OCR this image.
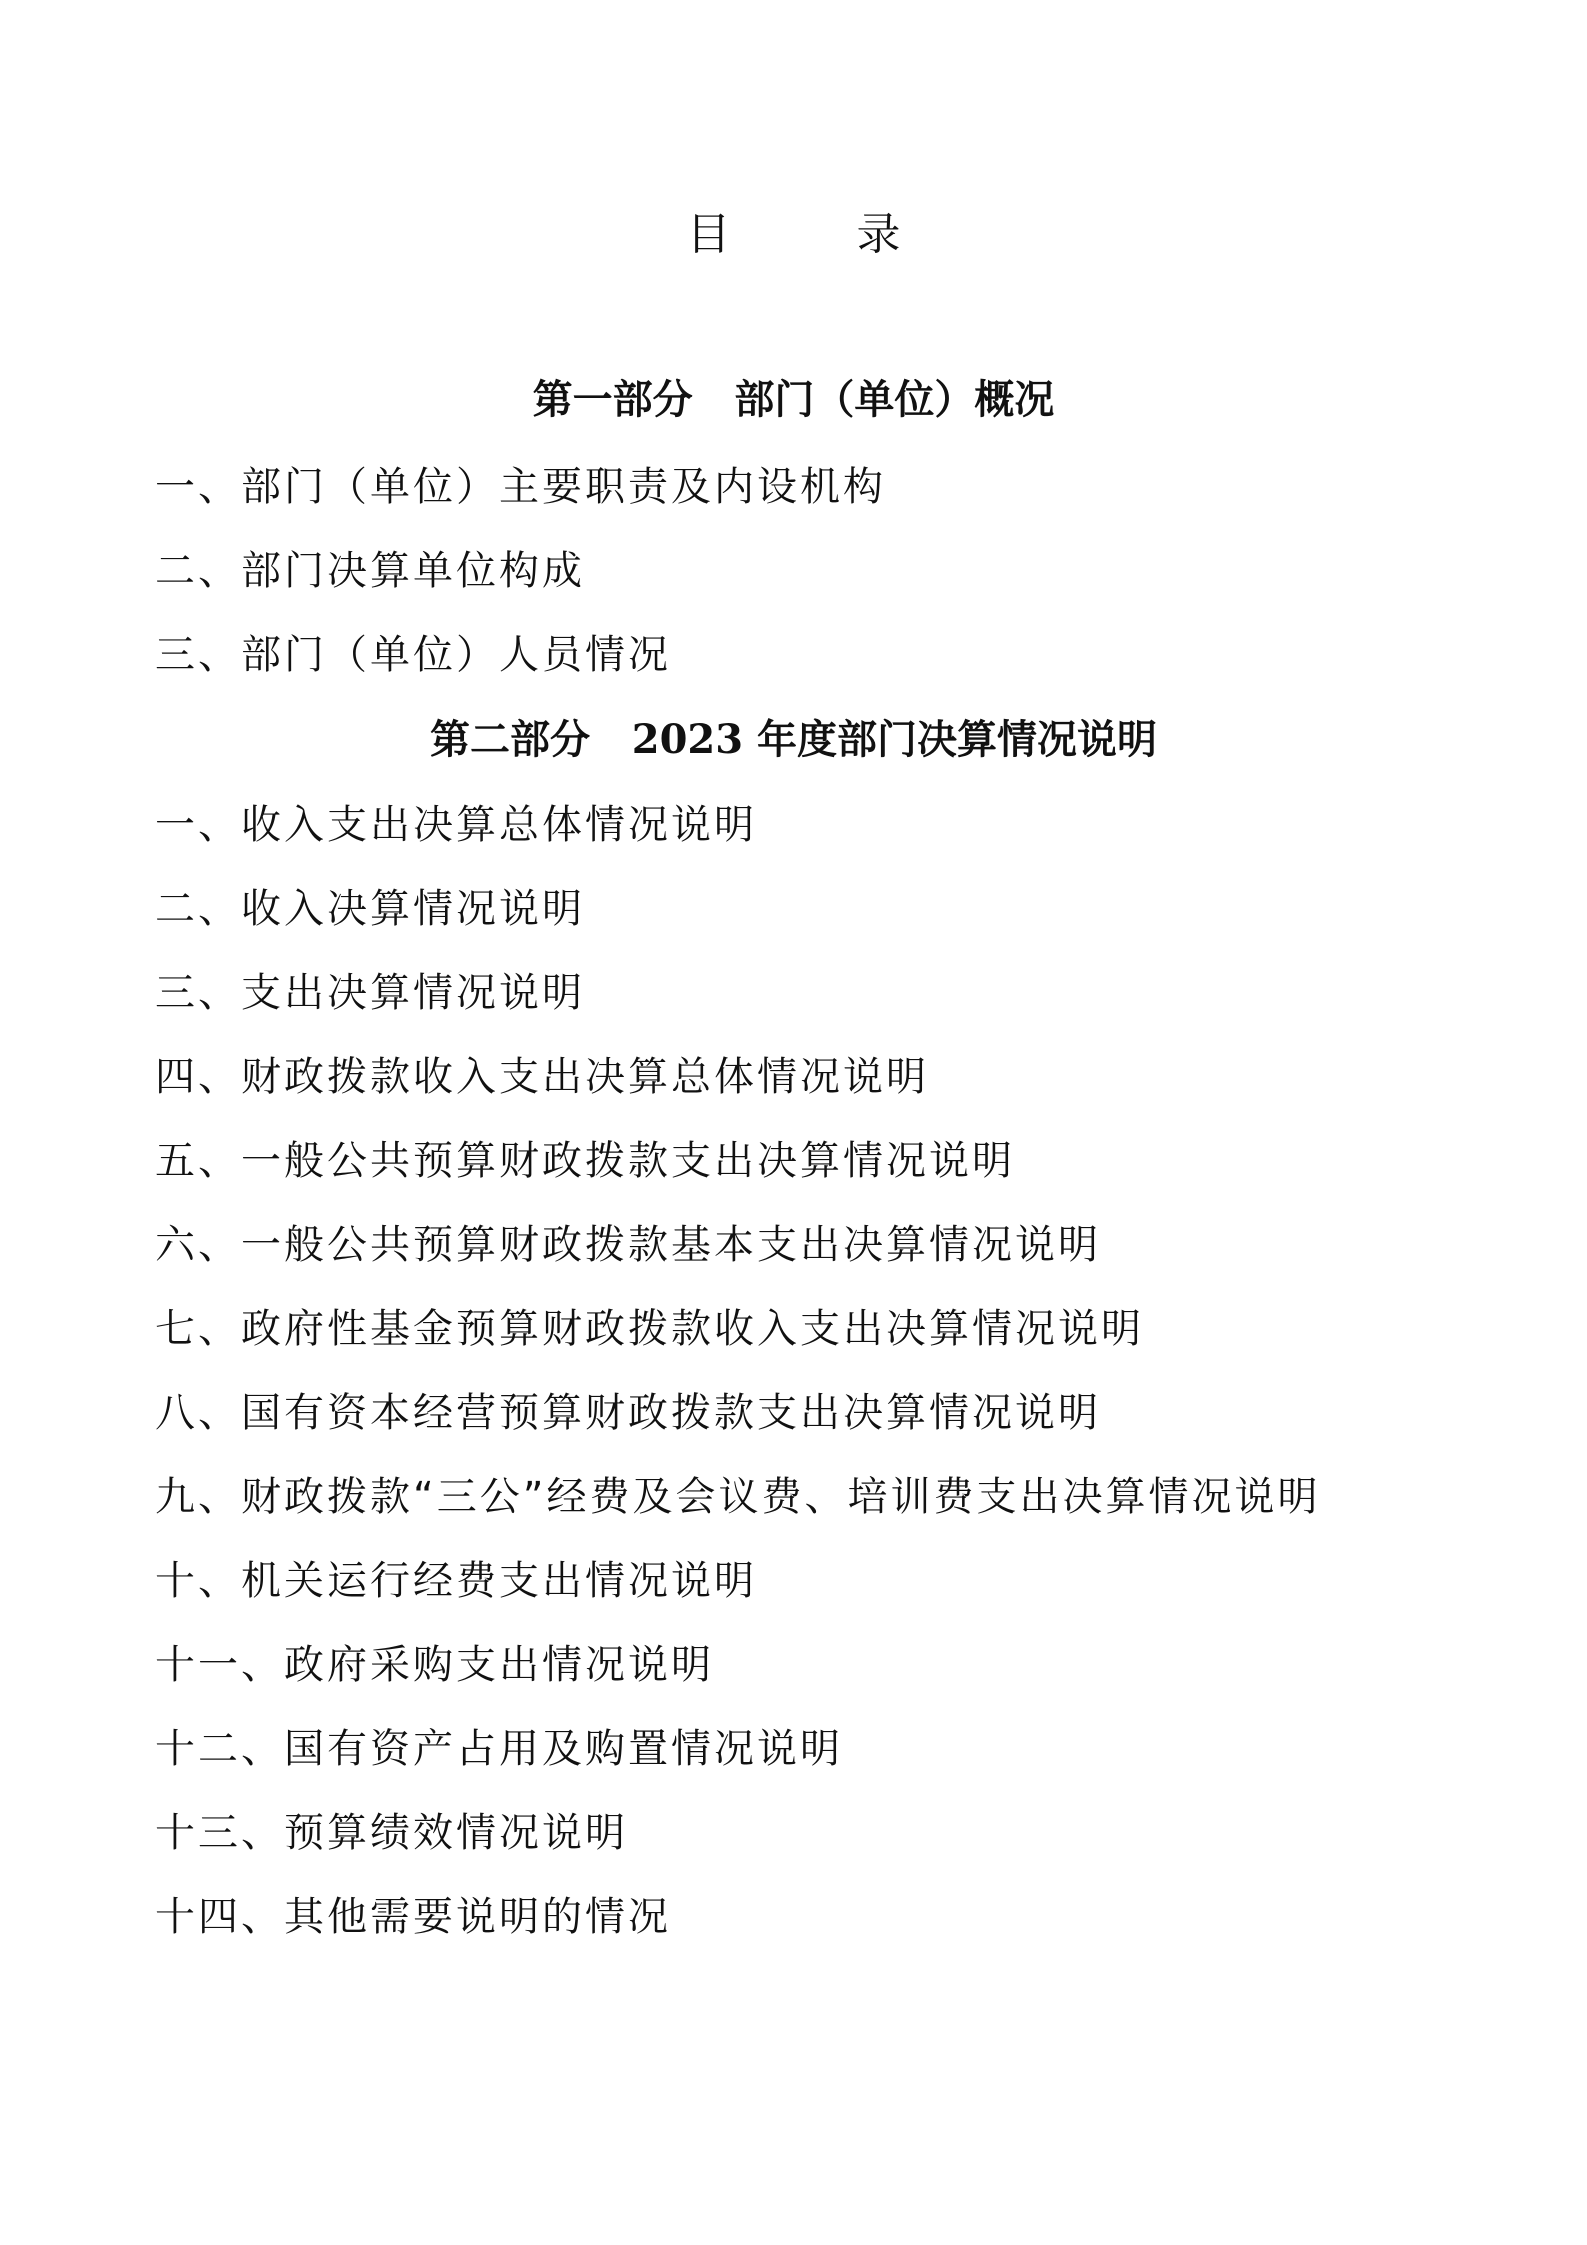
目 录
第一部分   部门（单位）概况
一、部门（单位）主要职责及内设机构
二、部门决算单位构成
三、部门（单位）人员情况
第二部分   2023 年度部门决算情况说明
一、收入支出决算总体情况说明
二、收入决算情况说明
三、支出决算情况说明
四、财政拨款收入支出决算总体情况说明
五、一般公共预算财政拨款支出决算情况说明
六、一般公共预算财政拨款基本支出决算情况说明
七、政府性基金预算财政拨款收入支出决算情况说明
八、国有资本经营预算财政拨款支出决算情况说明
九、财政拨款“三公”经费及会议费、培训费支出决算情况说明
十、机关运行经费支出情况说明
十一、政府采购支出情况说明
十二、国有资产占用及购置情况说明
十三、预算绩效情况说明
十四、其他需要说明的情况
